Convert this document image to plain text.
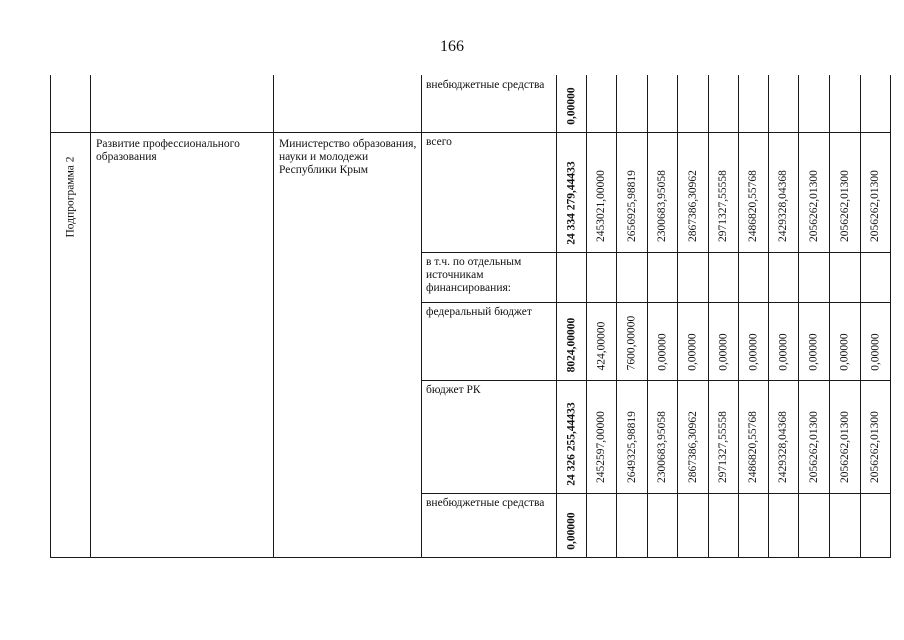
166
внебюджетные средства
0,00000
Подпрограмма 2
Развитие профессионального образования
Министерство образования, науки и молодежи Республики Крым
всего
24 334 279,44433 2453021,00000 2656925,98819 2300683,95058 2867386,30962 2971327,55558 2486820,55768 2429328,04368 2056262,01300 2056262,01300 2056262,01300
в т.ч. по отдельным источникам финансирования:
федеральный бюджет
8024,00000 424,00000 7600,00000 0,00000 0,00000 0,00000 0,00000 0,00000 0,00000 0,00000 0,00000
бюджет РК
24 326 255,44433 2452597,00000 2649325,98819 2300683,95058 2867386,30962 2971327,55558 2486820,55768 2429328,04368 2056262,01300 2056262,01300 2056262,01300
внебюджетные средства
0,00000
